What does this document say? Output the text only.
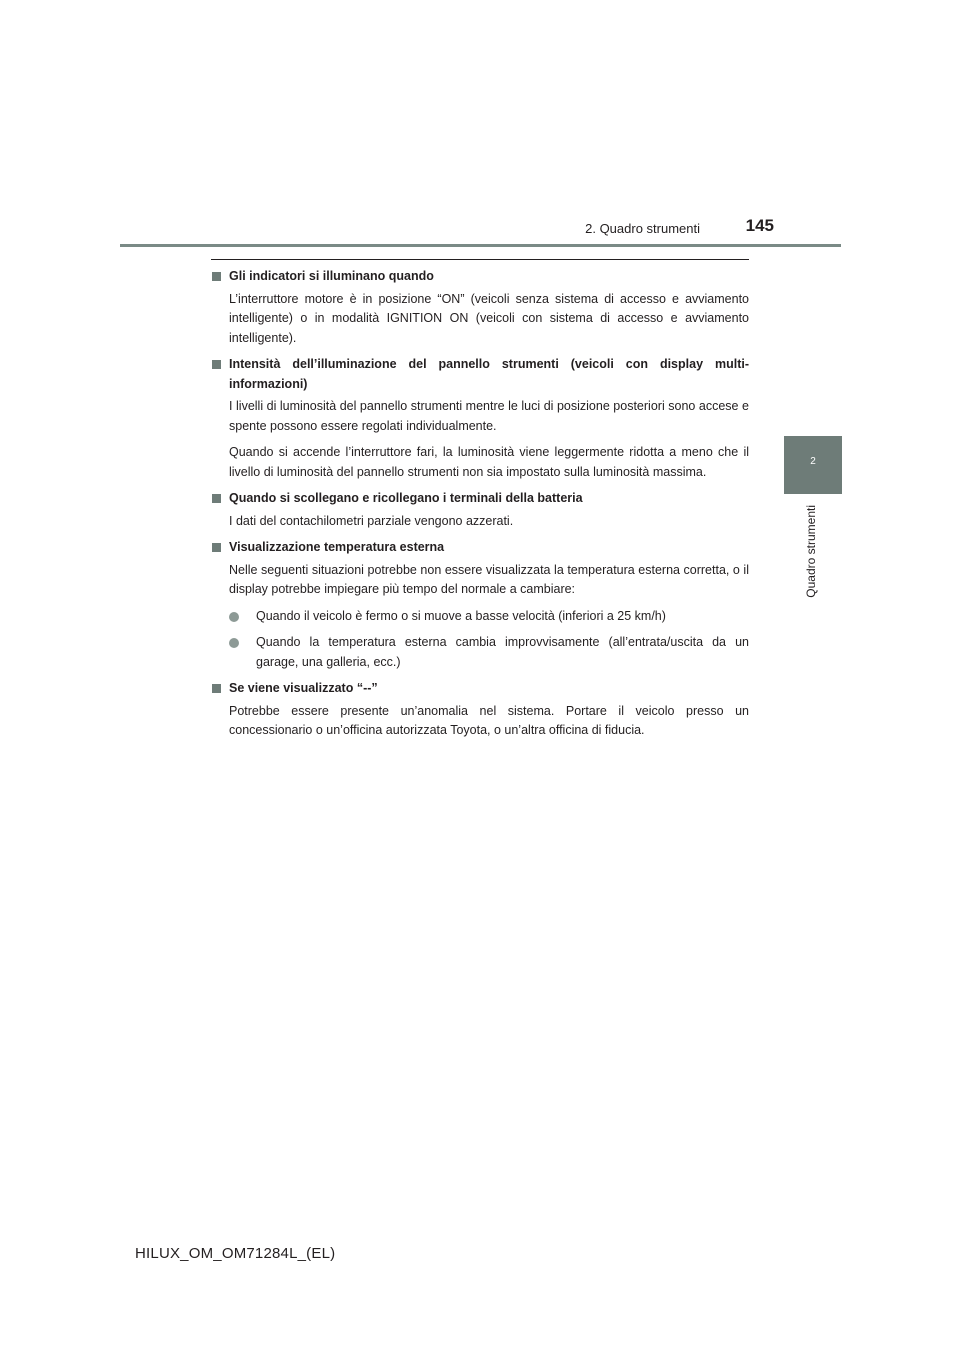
2. Quadro strumenti	145
2
Quadro strumenti
Gli indicatori si illuminano quando

L’interruttore motore è in posizione “ON” (veicoli senza sistema di accesso e avviamento intelligente) o in modalità IGNITION ON (veicoli con sistema di accesso e avviamento intelligente).

Intensità dell’illuminazione del pannello strumenti (veicoli con display multi-informazioni)

I livelli di luminosità del pannello strumenti mentre le luci di posizione posteriori sono accese e spente possono essere regolati individualmente.

Quando si accende l’interruttore fari, la luminosità viene leggermente ridotta a meno che il livello di luminosità del pannello strumenti non sia impostato sulla luminosità massima.

Quando si scollegano e ricollegano i terminali della batteria

I dati del contachilometri parziale vengono azzerati.

Visualizzazione temperatura esterna

Nelle seguenti situazioni potrebbe non essere visualizzata la temperatura esterna corretta, o il display potrebbe impiegare più tempo del normale a cambiare:

Quando il veicolo è fermo o si muove a basse velocità (inferiori a 25 km/h)
Quando la temperatura esterna cambia improvvisamente (all’entrata/uscita da un garage, una galleria, ecc.)
Se viene visualizzato “--”

Potrebbe essere presente un’anomalia nel sistema. Portare il veicolo presso un concessionario o un’officina autorizzata Toyota, o un’altra officina di fiducia.

HILUX_OM_OM71284L_(EL)
